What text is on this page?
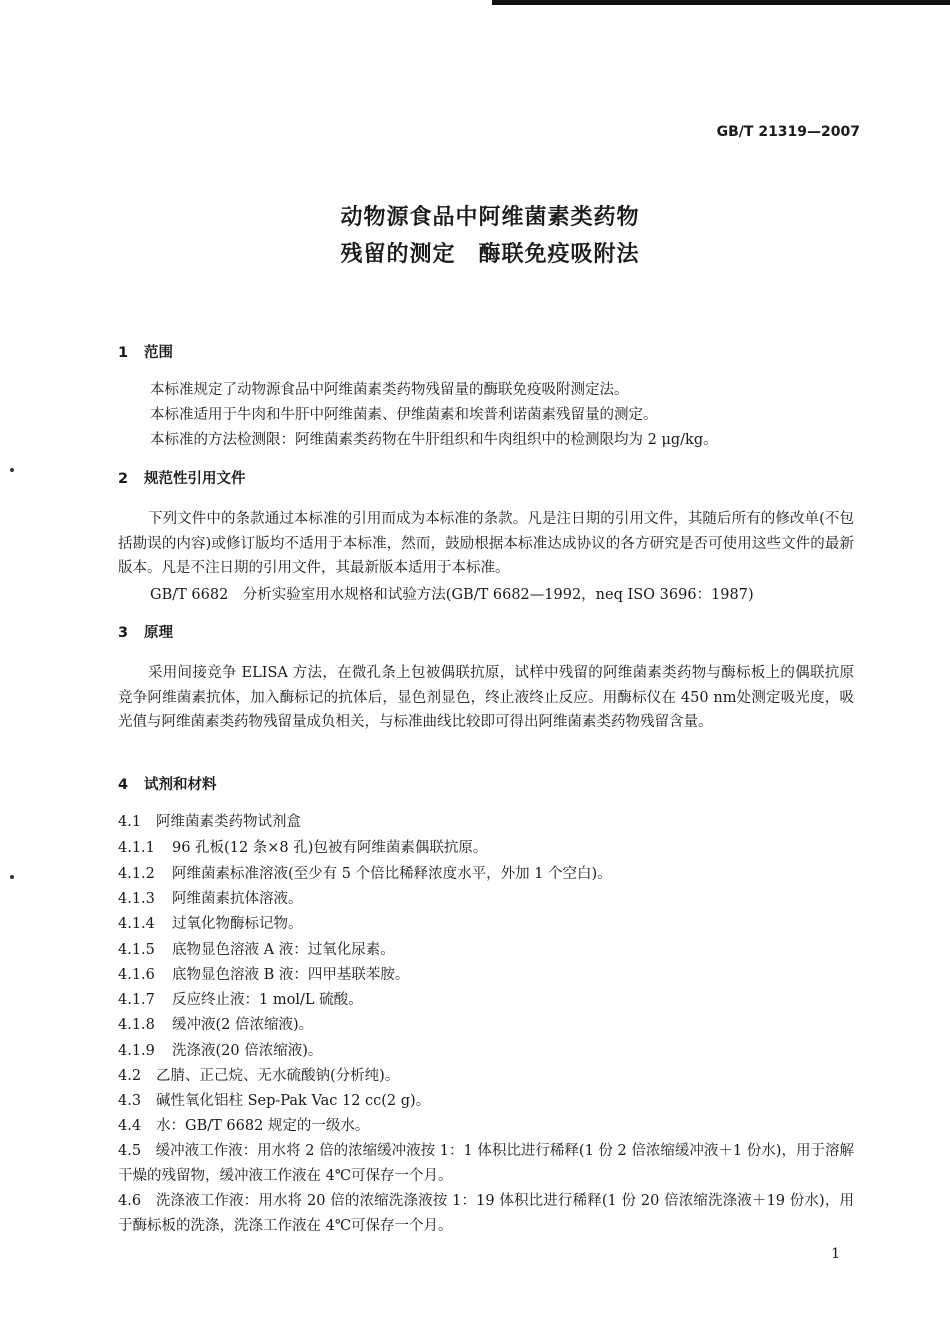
GB/T 21319—2007
动物源食品中阿维菌素类药物
残留的测定　酶联免疫吸附法
1 范围
本标准规定了动物源食品中阿维菌素类药物残留量的酶联免疫吸附测定法。
本标准适用于牛肉和牛肝中阿维菌素、伊维菌素和埃普利诺菌素残留量的测定。
本标准的方法检测限：阿维菌素类药物在牛肝组织和牛肉组织中的检测限均为 2 μg/kg。
2 规范性引用文件
下列文件中的条款通过本标准的引用而成为本标准的条款。凡是注日期的引用文件，其随后所有的修改单(不包括勘误的内容)或修订版均不适用于本标准，然而，鼓励根据本标准达成协议的各方研究是否可使用这些文件的最新版本。凡是不注日期的引用文件，其最新版本适用于本标准。
GB/T 6682　分析实验室用水规格和试验方法(GB/T 6682—1992，neq ISO 3696：1987)
3 原理
采用间接竞争 ELISA 方法，在微孔条上包被偶联抗原，试样中残留的阿维菌素类药物与酶标板上的偶联抗原竞争阿维菌素抗体，加入酶标记的抗体后，显色剂显色，终止液终止反应。用酶标仪在 450 nm处测定吸光度，吸光值与阿维菌素类药物残留量成负相关，与标准曲线比较即可得出阿维菌素类药物残留含量。
4 试剂和材料
4.1 阿维菌素类药物试剂盒
4.1.1 96 孔板(12 条×8 孔)包被有阿维菌素偶联抗原。
4.1.2 阿维菌素标准溶液(至少有 5 个倍比稀释浓度水平，外加 1 个空白)。
4.1.3 阿维菌素抗体溶液。
4.1.4 过氧化物酶标记物。
4.1.5 底物显色溶液 A 液：过氧化尿素。
4.1.6 底物显色溶液 B 液：四甲基联苯胺。
4.1.7 反应终止液：1 mol/L 硫酸。
4.1.8 缓冲液(2 倍浓缩液)。
4.1.9 洗涤液(20 倍浓缩液)。
4.2 乙腈、正己烷、无水硫酸钠(分析纯)。
4.3 碱性氧化铝柱 Sep-Pak Vac 12 cc(2 g)。
4.4 水：GB/T 6682 规定的一级水。
4.5　缓冲液工作液：用水将 2 倍的浓缩缓冲液按 1：1 体积比进行稀释(1 份 2 倍浓缩缓冲液＋1 份水)，用于溶解干燥的残留物，缓冲液工作液在 4℃可保存一个月。
4.6　洗涤液工作液：用水将 20 倍的浓缩洗涤液按 1：19 体积比进行稀释(1 份 20 倍浓缩洗涤液＋19 份水)，用于酶标板的洗涤，洗涤工作液在 4℃可保存一个月。
1
